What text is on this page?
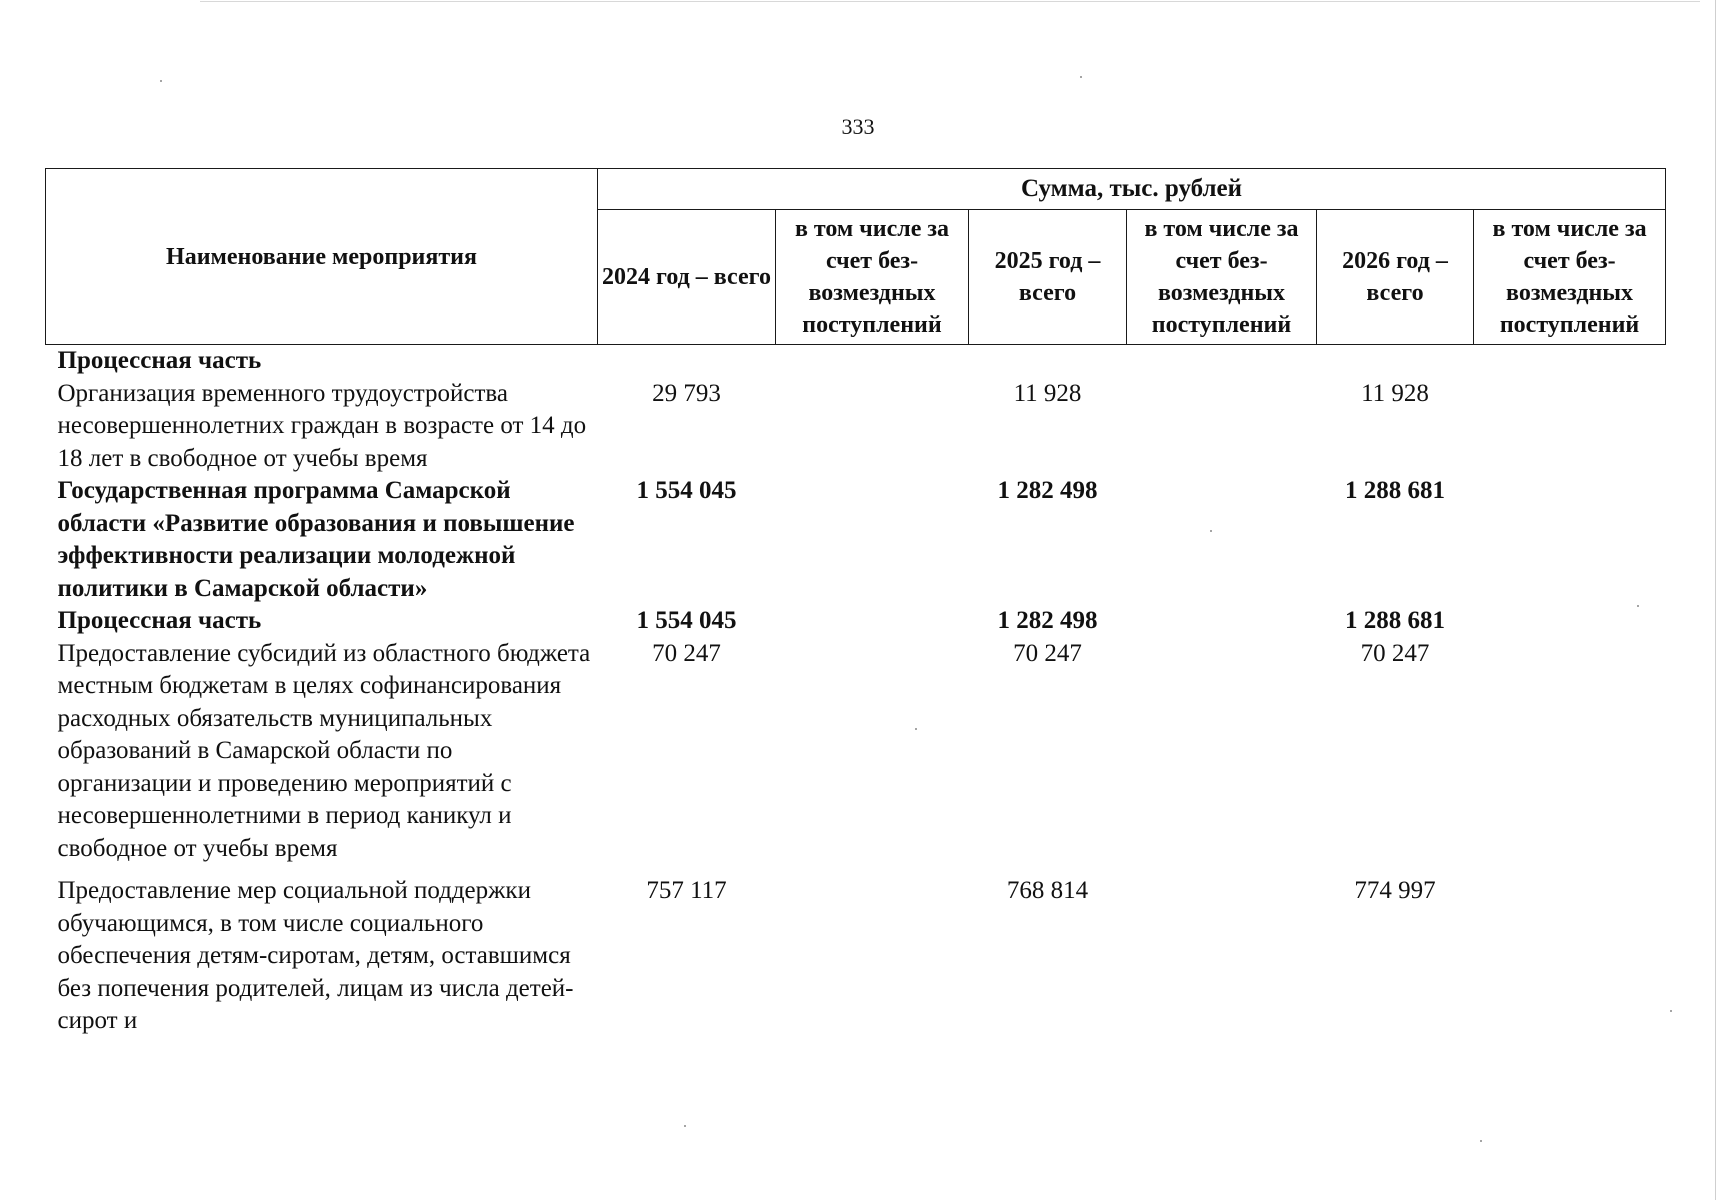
333
Наименование мероприятия	Сумма, тыс. рублей					
	2024 год – всего	в том числе за счет без-возмездных поступлений	2025 год – всего	в том числе за счет без-возмездных поступлений	2026 год – всего	в том числе за счет без-возмездных поступлений
Процессная часть						
Организация временного трудоустройства несовершеннолетних граждан в возрасте от 14 до 18 лет в свободное от учебы время	29 793		11 928		11 928	
Государственная программа Самарской области «Развитие образования и повышение эффективности реализации молодежной политики в Самарской области»	1 554 045		1 282 498		1 288 681	
Процессная часть	1 554 045		1 282 498		1 288 681	
Предоставление субсидий из областного бюджета местным бюджетам в целях софинансирования расходных обязательств муниципальных образований в Самарской области по организации и проведению мероприятий с несовершеннолетними в период каникул и свободное от учебы время	70 247		70 247		70 247	
Предоставление мер социальной поддержки обучающимся, в том числе социального обеспечения детям-сиротам, детям, оставшимся без попечения родителей, лицам из числа детей-сирот и	757 117		768 814		774 997	
